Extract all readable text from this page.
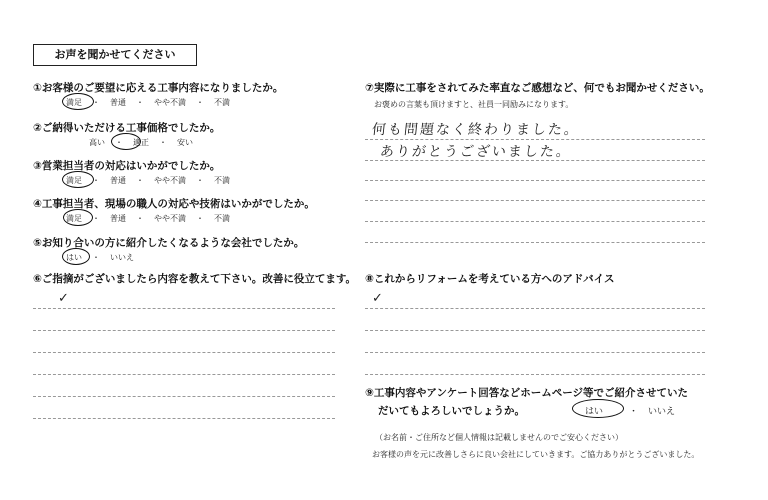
お声を聞かせてください
①お客様のご要望に応える工事内容になりましたか。
満足 ・ 普通 ・ やや不満 ・ 不満
②ご納得いただける工事価格でしたか。
高い ・ 適正 ・ 安い
③営業担当者の対応はいかがでしたか。
満足 ・ 普通 ・ やや不満 ・ 不満
④工事担当者、現場の職人の対応や技術はいかがでしたか。
満足 ・ 普通 ・ やや不満 ・ 不満
⑤お知り合いの方に紹介したくなるような会社でしたか。
はい ・ いいえ
⑥ご指摘がございましたら内容を教えて下さい。改善に役立てます。
✓
⑦実際に工事をされてみた率直なご感想など、何でもお聞かせください。
お褒めの言葉も頂けますと、社員一同励みになります。
何も問題なく終わりました。
ありがとうございました。
⑧これからリフォームを考えている方へのアドバイス
✓
⑨工事内容やアンケート回答などホームページ等でご紹介させていた
だいてもよろしいでしょうか。	はい	・ いいえ
（お名前・ご住所など個人情報は記載しませんのでご安心ください）
お客様の声を元に改善しさらに良い会社にしていきます。ご協力ありがとうございました。
